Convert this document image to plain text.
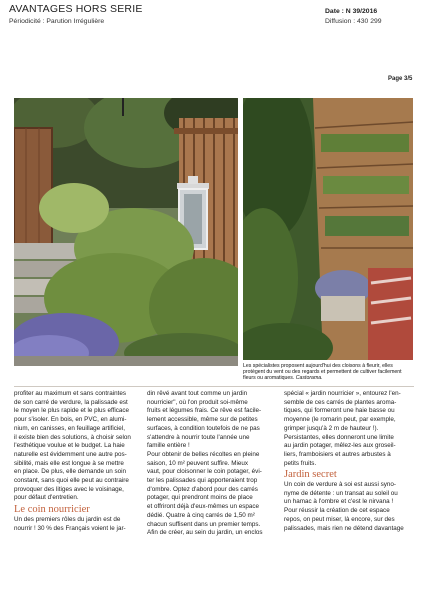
AVANTAGES HORS SERIE
Périodicité : Parution Irrégulière
Date : N 39/2016
Diffusion : 430 299
Page 3/5
Les spécialistes proposent aujourd'hui des cloisons à fleurir, elles protègent du vent ou des regards et permettent de cultiver facilement fleurs ou aromatiques. Castorama.

profiter au maximum et sans contraintes

de son carré de verdure, la palissade est

le moyen le plus rapide et le plus efficace

pour s'isoler. En bois, en PVC, en alumi-

nium, en canisses, en feuillage artificiel,

il existe bien des solutions, à choisir selon

l'esthétique voulue et le budget. La haie

naturelle est évidemment une autre pos-

sibilité, mais elle est longue à se mettre

en place. De plus, elle demande un soin

constant, sans quoi elle peut au contraire

provoquer des litiges avec le voisinage,

pour défaut d'entretien.

Le coin nourricier

Un des premiers rôles du jardin est de

nourrir ! 30 % des Français voient le jar-

din rêvé avant tout comme un jardin

nourricier", où l'on produit soi-même

fruits et légumes frais. Ce rêve est facile-

lement accessible, même sur de petites

surfaces, à condition toutefois de ne pas

s'attendre à nourrir toute l'année une

famille entière !

Pour obtenir de belles récoltes en pleine

saison, 10 m² peuvent suffire. Mieux

vaut, pour cloisonner le coin potager, évi-

ter les palissades qui apporteraient trop

d'ombre. Optez d'abord pour des carrés

potager, qui prendront moins de place

et offriront déjà d'eux-mêmes un espace

dédié. Quatre à cinq carrés de 1,50 m²

chacun suffisent dans un premier temps.

Afin de créer, au sein du jardin, un enclos

spécial « jardin nourricier », entourez l'en-

semble de ces carrés de plantes aroma-

tiques, qui formeront une haie basse ou

moyenne (le romarin peut, par exemple,

grimper jusqu'à 2 m de hauteur !).

Persistantes, elles donneront une limite

au jardin potager, mêlez-les aux groseil-

liers, framboisiers et autres arbustes à

petits fruits.

Jardin secret

Un coin de verdure à soi est aussi syno-

nyme de détente : un transat au soleil ou

un hamac à l'ombre et c'est le nirvana !

Pour réussir la création de cet espace

repos, on peut miser, là encore, sur des

palissades, mais rien ne détend davantage
